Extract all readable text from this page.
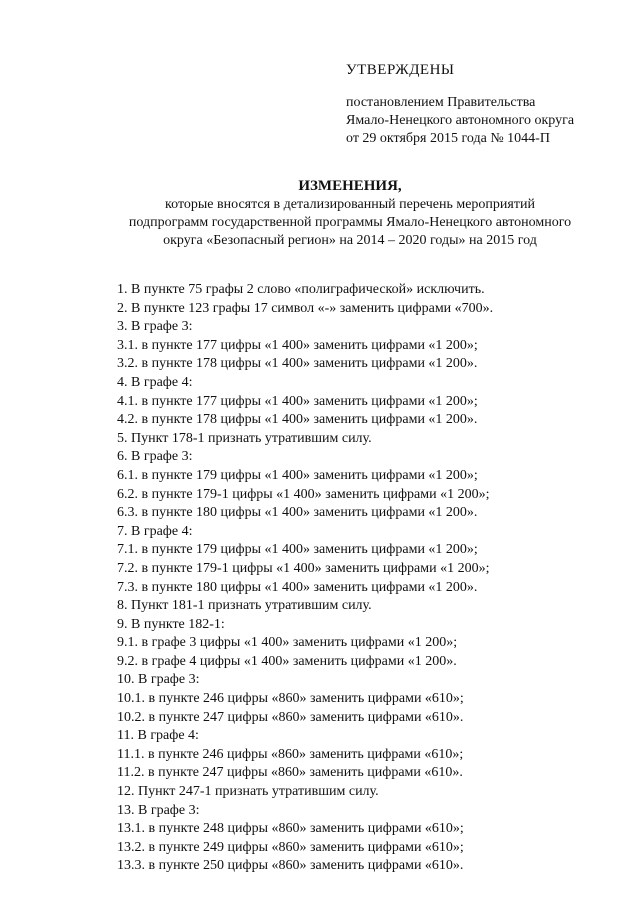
УТВЕРЖДЕНЫ
постановлением Правительства
Ямало-Ненецкого автономного округа
от 29 октября 2015 года № 1044-П
ИЗМЕНЕНИЯ,
которые вносятся в детализированный перечень мероприятий
подпрограмм государственной программы Ямало-Ненецкого автономного
округа «Безопасный регион» на 2014 – 2020 годы» на 2015 год
1. В пункте 75 графы 2 слово «полиграфической» исключить.
2. В пункте 123 графы 17 символ «-» заменить цифрами «700».
3. В графе 3:
3.1. в пункте 177 цифры «1 400» заменить цифрами «1 200»;
3.2. в пункте 178 цифры «1 400» заменить цифрами «1 200».
4. В графе 4:
4.1. в пункте 177 цифры «1 400» заменить цифрами «1 200»;
4.2. в пункте 178 цифры «1 400» заменить цифрами «1 200».
5. Пункт 178-1 признать утратившим силу.
6. В графе 3:
6.1. в пункте 179 цифры «1 400» заменить цифрами «1 200»;
6.2. в пункте 179-1 цифры «1 400» заменить цифрами «1 200»;
6.3. в пункте 180 цифры «1 400» заменить цифрами «1 200».
7. В графе 4:
7.1. в пункте 179 цифры «1 400» заменить цифрами «1 200»;
7.2. в пункте 179-1 цифры «1 400» заменить цифрами «1 200»;
7.3. в пункте 180 цифры «1 400» заменить цифрами «1 200».
8. Пункт 181-1 признать утратившим силу.
9. В пункте 182-1:
9.1. в графе 3 цифры «1 400» заменить цифрами «1 200»;
9.2. в графе 4 цифры «1 400» заменить цифрами «1 200».
10. В графе 3:
10.1. в пункте 246 цифры «860» заменить цифрами «610»;
10.2. в пункте 247 цифры «860» заменить цифрами «610».
11. В графе 4:
11.1. в пункте 246 цифры «860» заменить цифрами «610»;
11.2. в пункте 247 цифры «860» заменить цифрами «610».
12. Пункт 247-1 признать утратившим силу.
13. В графе 3:
13.1. в пункте 248 цифры «860» заменить цифрами «610»;
13.2. в пункте 249 цифры «860» заменить цифрами «610»;
13.3. в пункте 250 цифры «860» заменить цифрами «610».
